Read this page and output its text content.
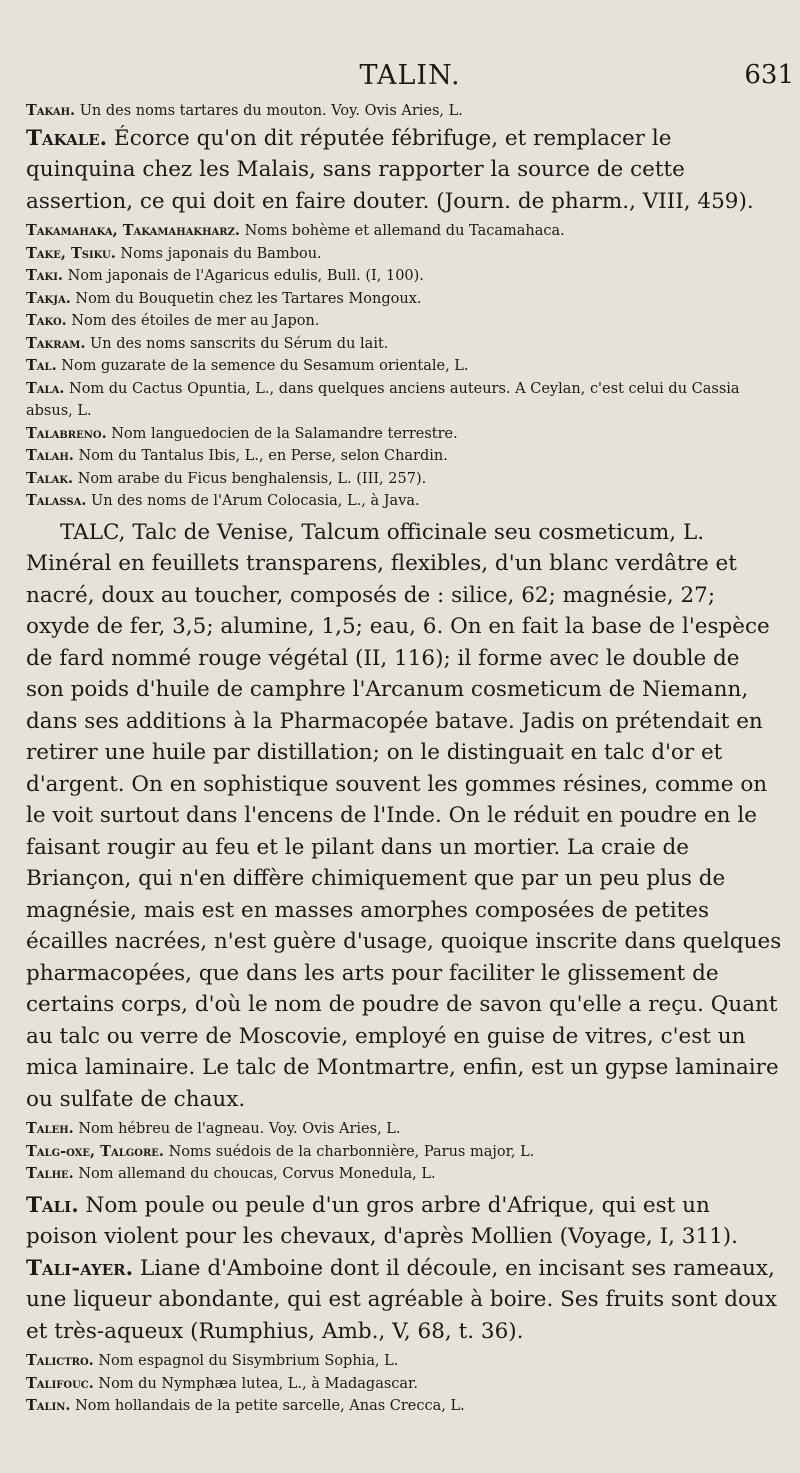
TALIN.	631

Takah. Un des noms tartares du mouton. Voy. Ovis Aries, L.

Takale. Écorce qu'on dit réputée fébrifuge, et remplacer le quinquina chez les Malais, sans rapporter la source de cette assertion, ce qui doit en faire douter. (Journ. de pharm., VIII, 459).

Takamahaka, Takamahakharz. Noms bohème et allemand du Tacamahaca.

Take, Tsiku. Noms japonais du Bambou.

Taki. Nom japonais de l'Agaricus edulis, Bull. (I, 100).

Takja. Nom du Bouquetin chez les Tartares Mongoux.

Tako. Nom des étoiles de mer au Japon.

Takram. Un des noms sanscrits du Sérum du lait.

Tal. Nom guzarate de la semence du Sesamum orientale, L.

Tala. Nom du Cactus Opuntia, L., dans quelques anciens auteurs. A Ceylan, c'est celui du Cassia absus, L.

Talabreno. Nom languedocien de la Salamandre terrestre.

Talah. Nom du Tantalus Ibis, L., en Perse, selon Chardin.

Talak. Nom arabe du Ficus benghalensis, L. (III, 257).

Talassa. Un des noms de l'Arum Colocasia, L., à Java.

TALC, Talc de Venise, Talcum officinale seu cosmeticum, L. Minéral en feuillets transparens, flexibles, d'un blanc verdâtre et nacré, doux au toucher, composés de : silice, 62; magnésie, 27; oxyde de fer, 3,5; alumine, 1,5; eau, 6. On en fait la base de l'espèce de fard nommé rouge végétal (II, 116); il forme avec le double de son poids d'huile de camphre l'Arcanum cosmeticum de Niemann, dans ses additions à la Pharmacopée batave. Jadis on prétendait en retirer une huile par distillation; on le distinguait en talc d'or et d'argent. On en sophistique souvent les gommes résines, comme on le voit surtout dans l'encens de l'Inde. On le réduit en poudre en le faisant rougir au feu et le pilant dans un mortier. La craie de Briançon, qui n'en diffère chimiquement que par un peu plus de magnésie, mais est en masses amorphes composées de petites écailles nacrées, n'est guère d'usage, quoique inscrite dans quelques pharmacopées, que dans les arts pour faciliter le glissement de certains corps, d'où le nom de poudre de savon qu'elle a reçu. Quant au talc ou verre de Moscovie, employé en guise de vitres, c'est un mica laminaire. Le talc de Montmartre, enfin, est un gypse laminaire ou sulfate de chaux.

Taleh. Nom hébreu de l'agneau. Voy. Ovis Aries, L.

Talg-oxe, Talgore. Noms suédois de la charbonnière, Parus major, L.

Talhe. Nom allemand du choucas, Corvus Monedula, L.

Tali. Nom poule ou peule d'un gros arbre d'Afrique, qui est un poison violent pour les chevaux, d'après Mollien (Voyage, I, 311).

Tali-ayer. Liane d'Amboine dont il découle, en incisant ses rameaux, une liqueur abondante, qui est agréable à boire. Ses fruits sont doux et très-aqueux (Rumphius, Amb., V, 68, t. 36).

Talictro. Nom espagnol du Sisymbrium Sophia, L.

Talifouc. Nom du Nymphæa lutea, L., à Madagascar.

Talin. Nom hollandais de la petite sarcelle, Anas Crecca, L.
